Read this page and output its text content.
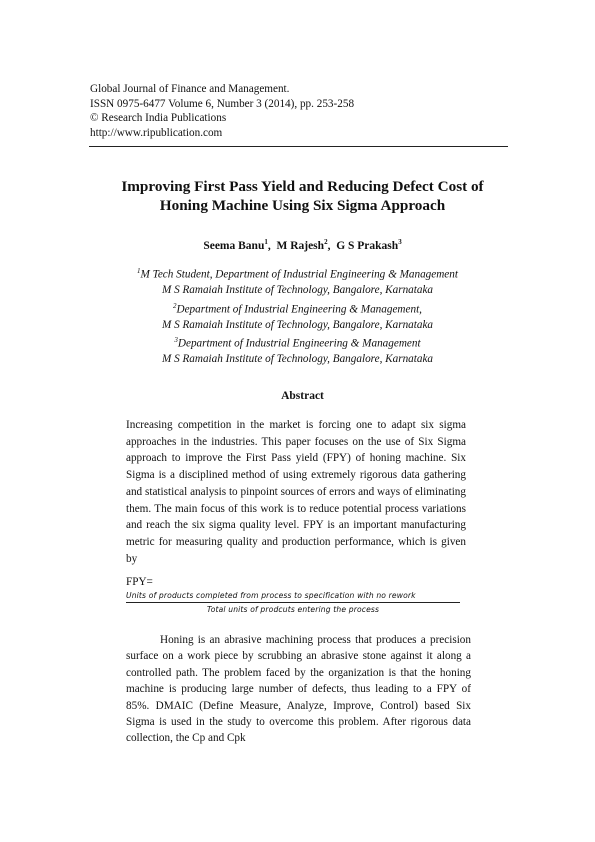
Global Journal of Finance and Management.
ISSN 0975-6477 Volume 6, Number 3 (2014), pp. 253-258
© Research India Publications
http://www.ripublication.com
Improving First Pass Yield and Reducing Defect Cost of
Honing Machine Using Six Sigma Approach
Seema Banu$^1$,  M Rajesh$^2$,  G S Prakash$^3$
$^1$M Tech Student, Department of Industrial Engineering & Management
M S Ramaiah Institute of Technology, Bangalore, Karnataka
$^2$Department of Industrial Engineering & Management,
M S Ramaiah Institute of Technology, Bangalore, Karnataka
$^3$Department of Industrial Engineering & Management
M S Ramaiah Institute of Technology, Bangalore, Karnataka
Abstract
Increasing competition in the market is forcing one to adapt six sigma approaches in the industries. This paper focuses on the use of Six Sigma approach to improve the First Pass yield (FPY) of honing machine. Six Sigma is a disciplined method of using extremely rigorous data gathering and statistical analysis to pinpoint sources of errors and ways of eliminating them. The main focus of this work is to reduce potential process variations and reach the six sigma quality level. FPY is an important manufacturing metric for measuring quality and production performance, which is given by
FPY=
Units of products completed from process to specification with no rework
Total units of prodcuts entering the process
Honing is an abrasive machining process that produces a precision surface on a work piece by scrubbing an abrasive stone against it along a controlled path. The problem faced by the organization is that the honing machine is producing large number of defects, thus leading to a FPY of 85%. DMAIC (Define Measure, Analyze, Improve, Control) based Six Sigma is used in the study to overcome this problem. After rigorous data collection, the Cp and Cpk
